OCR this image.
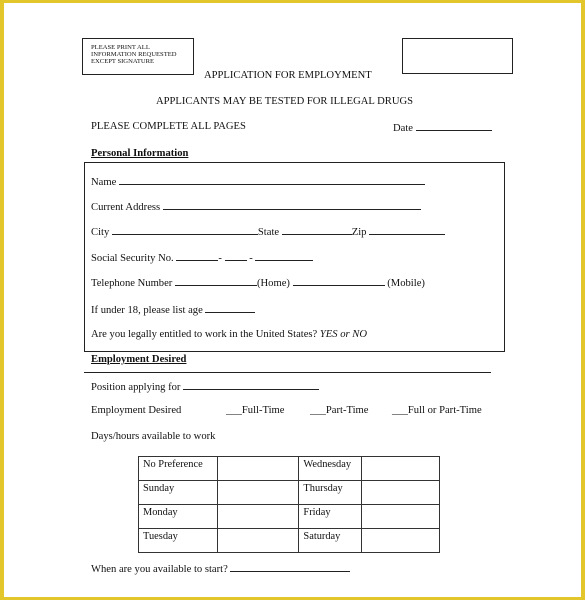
PLEASE PRINT ALL INFORMATION REQUESTED EXCEPT SIGNATURE
APPLICATION FOR EMPLOYMENT
APPLICANTS MAY BE TESTED FOR ILLEGAL DRUGS
PLEASE COMPLETE ALL PAGES	Date
Personal Information
Name
Current Address
City	State	Zip
Social Security No.	-	-
Telephone Number	(Home)	(Mobile)
If under 18, please list age
Are you legally entitled to work in the United States? YES or NO
Employment Desired
Position applying for
Employment Desired	___Full-Time ___Part-Time ___Full or Part-Time
Days/hours available to work
No Preference		Wednesday	
Sunday		Thursday	
Monday		Friday	
Tuesday		Saturday	
When are you available to start?
